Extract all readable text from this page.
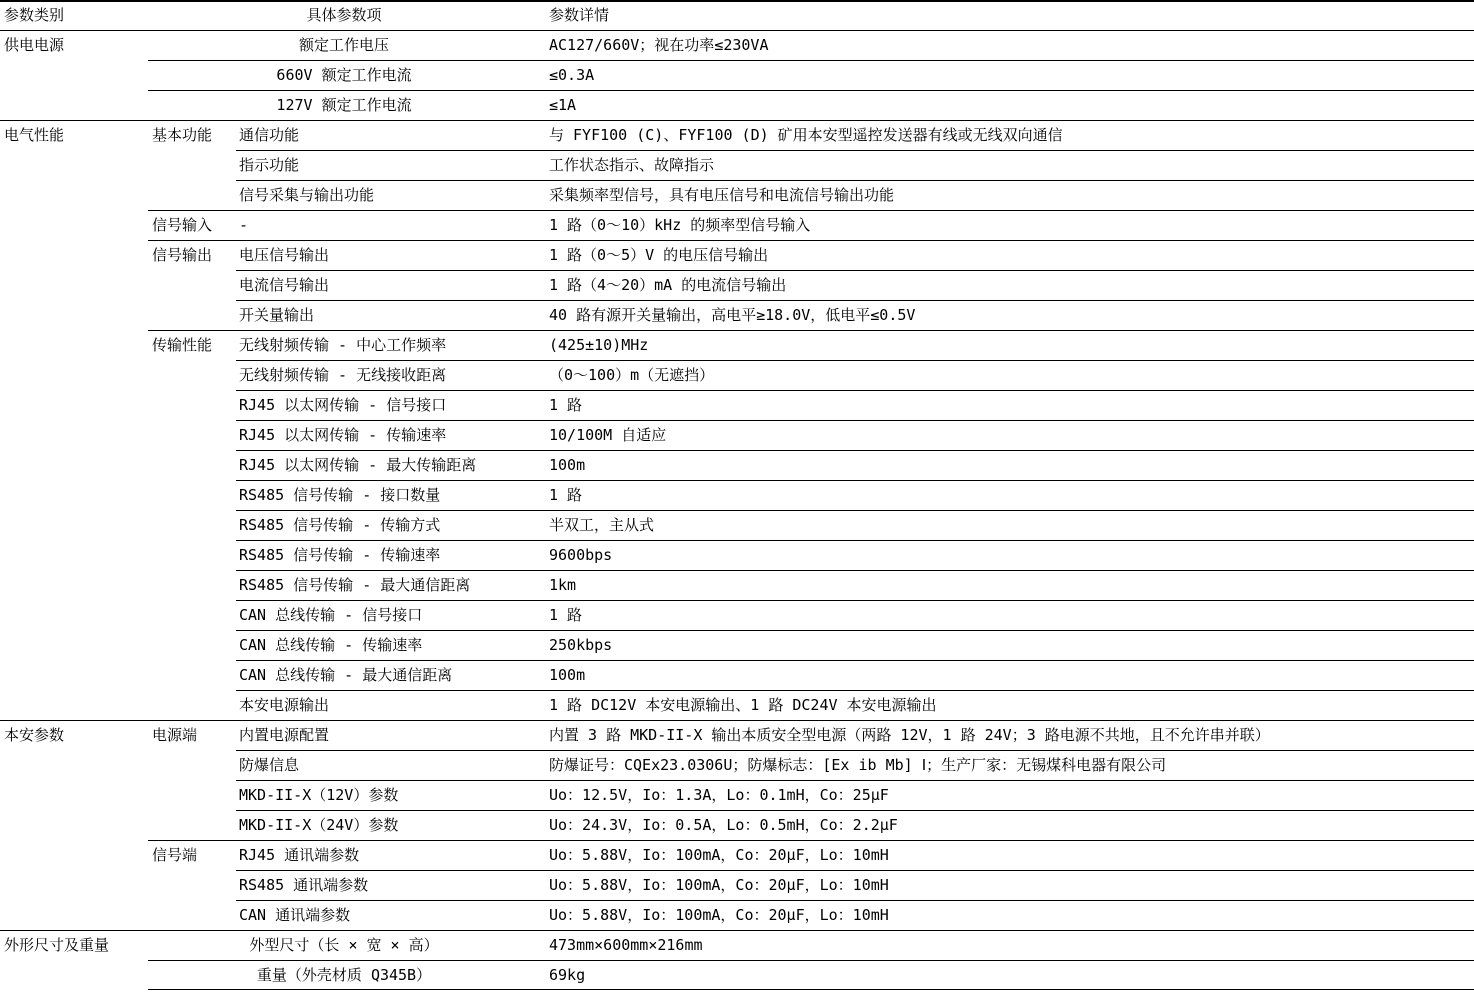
参数类别	具体参数项	参数详情
供电电源	额定工作电压	AC127/660V；视在功率≤230VA
660V 额定工作电流	≤0.3A
127V 额定工作电流	≤1A
电气性能	基本功能	通信功能	与 FYF100 (C)、FYF100 (D) 矿用本安型遥控发送器有线或无线双向通信
指示功能	工作状态指示、故障指示
信号采集与输出功能	采集频率型信号，具有电压信号和电流信号输出功能
信号输入	-	1 路（0～10）kHz 的频率型信号输入
信号输出	电压信号输出	1 路（0～5）V 的电压信号输出
电流信号输出	1 路（4～20）mA 的电流信号输出
开关量输出	40 路有源开关量输出，高电平≥18.0V，低电平≤0.5V
传输性能	无线射频传输 - 中心工作频率	(425±10)MHz
无线射频传输 - 无线接收距离	（0～100）m（无遮挡）
RJ45 以太网传输 - 信号接口	1 路
RJ45 以太网传输 - 传输速率	10/100M 自适应
RJ45 以太网传输 - 最大传输距离	100m
RS485 信号传输 - 接口数量	1 路
RS485 信号传输 - 传输方式	半双工，主从式
RS485 信号传输 - 传输速率	9600bps
RS485 信号传输 - 最大通信距离	1km
CAN 总线传输 - 信号接口	1 路
CAN 总线传输 - 传输速率	250kbps
CAN 总线传输 - 最大通信距离	100m
本安电源输出	1 路 DC12V 本安电源输出、1 路 DC24V 本安电源输出
本安参数	电源端	内置电源配置	内置 3 路 MKD-II-X 输出本质安全型电源（两路 12V，1 路 24V；3 路电源不共地，且不允许串并联）
防爆信息	防爆证号：CQEx23.0306U；防爆标志：[Ex ib Mb] Ⅰ；生产厂家：无锡煤科电器有限公司
MKD-II-X（12V）参数	Uo：12.5V，Io：1.3A，Lo：0.1mH，Co：25μF
MKD-II-X（24V）参数	Uo：24.3V，Io：0.5A，Lo：0.5mH，Co：2.2μF
信号端	RJ45 通讯端参数	Uo：5.88V，Io：100mA，Co：20μF，Lo：10mH
RS485 通讯端参数	Uo：5.88V，Io：100mA，Co：20μF，Lo：10mH
CAN 通讯端参数	Uo：5.88V，Io：100mA，Co：20μF，Lo：10mH
外形尺寸及重量	外型尺寸（长 × 宽 × 高）	473mm×600mm×216mm
重量（外壳材质 Q345B）	69kg
